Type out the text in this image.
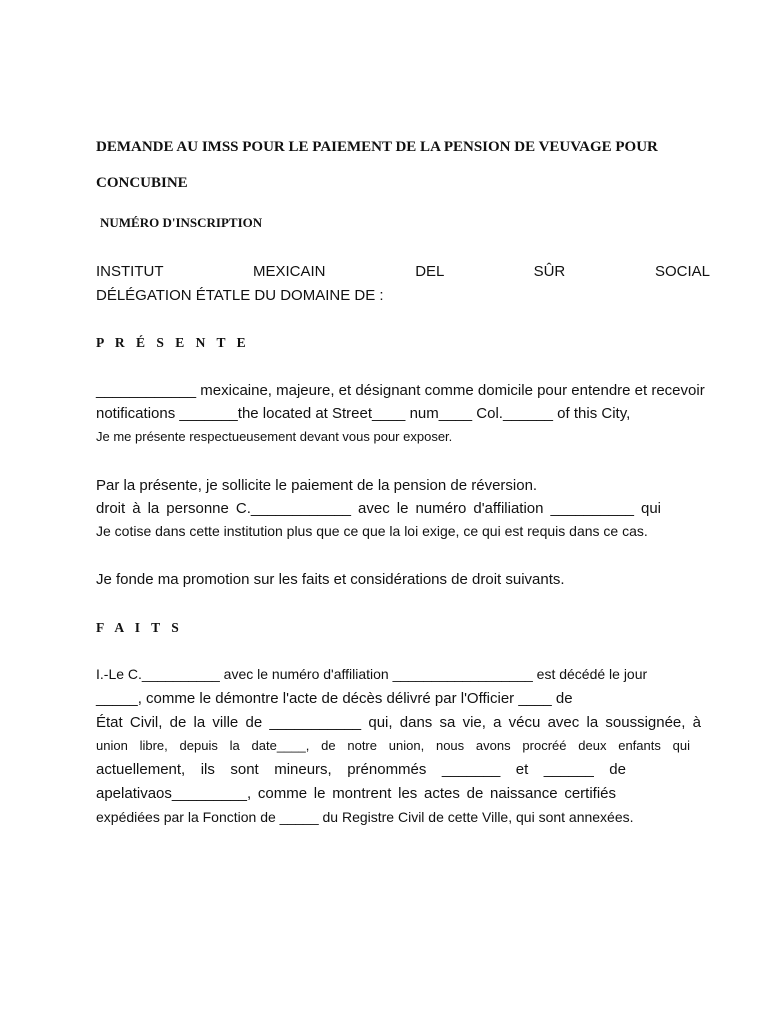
DEMANDE AU IMSS POUR LE PAIEMENT DE LA PENSION DE VEUVAGE POUR
CONCUBINE
NUMÉRO D'INSCRIPTION
INSTITUT MEXICAIN DEL SÛR SOCIAL
DÉLÉGATION ÉTATLE DU DOMAINE DE :
P R É S E N T E
____________ mexicaine, majeure, et désignant comme domicile pour entendre et recevoir
notifications _______the located at Street____ num____ Col.______ of this City,
Je me présente respectueusement devant vous pour exposer.
Par la présente, je sollicite le paiement de la pension de réversion.
droit à la personne C.____________ avec le numéro d'affiliation __________ qui
Je cotise dans cette institution plus que ce que la loi exige, ce qui est requis dans ce cas.
Je fonde ma promotion sur les faits et considérations de droit suivants.
F A I T S
I.-Le C.__________ avec le numéro d'affiliation __________________ est décédé le jour
_____, comme le démontre l'acte de décès délivré par l'Officier ____ de
État Civil, de la ville de ___________ qui, dans sa vie, a vécu avec la soussignée, à
union libre, depuis la date____, de notre union, nous avons procréé deux enfants qui
actuellement, ils sont mineurs, prénommés _______ et ______ de
apelativaos_________, comme le montrent les actes de naissance certifiés
expédiées par la Fonction de _____ du Registre Civil de cette Ville, qui sont annexées.
